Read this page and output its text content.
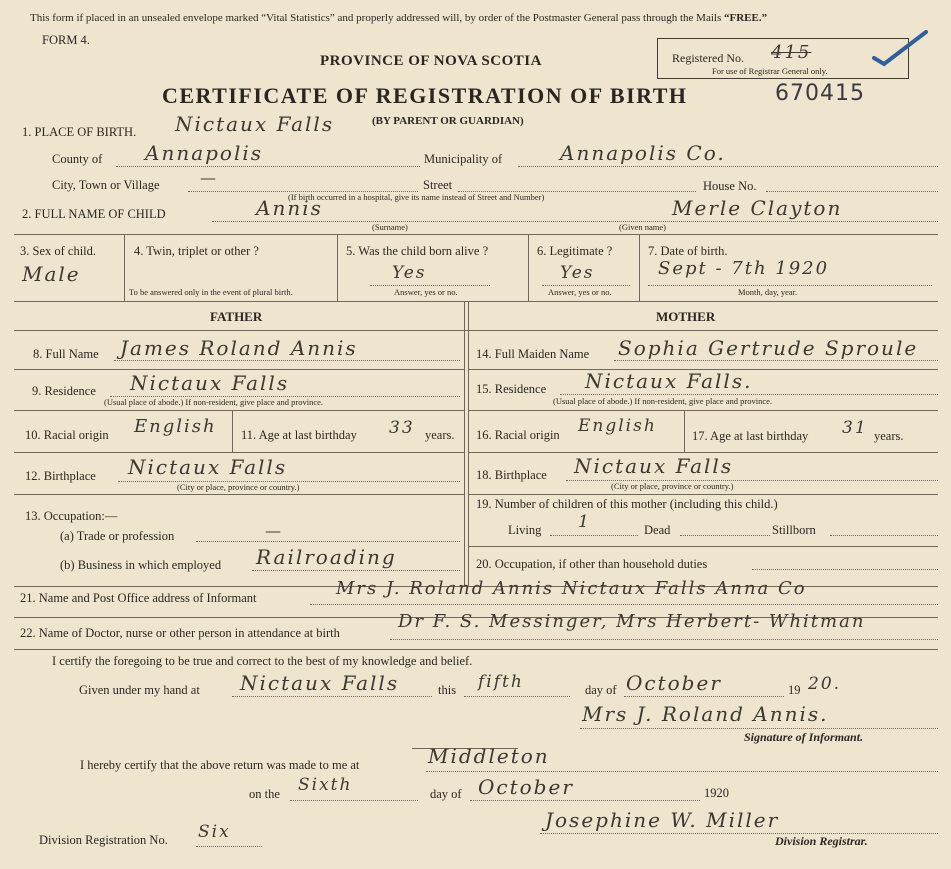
This form if placed in an unsealed envelope marked “Vital Statistics” and properly addressed will, by order of the Postmaster General pass through the Mails “FREE.”
FORM 4.
PROVINCE OF NOVA SCOTIA	Registered No. 415
For use of Registrar General only.
CERTIFICATE OF REGISTRATION OF BIRTH	670415
1. PLACE OF BIRTH. Nictaux Falls	(BY PARENT OR GUARDIAN)
County of Annapolis	Municipality of	Annapolis Co.
City, Town or Village	—	Street	House No.
(If birth occurred in a hospital, give its name instead of Street and Number)
2. FULL NAME OF CHILD	Annis
(Surname)
Merle Clayton
(Given name)
3. Sex of child.
Male
4. Twin, triplet or other ?
To be answered only in the event of plural birth.
5. Was the child born alive ?
Yes
Answer, yes or no.
6. Legitimate ?
Yes
Answer, yes or no.
7. Date of birth.
Sept - 7th 1920
Month, day, year.
FATHER	MOTHER
8. Full Name James Roland Annis
9. Residence Nictaux Falls
(Usual place of abode.) If non-resident, give place and province.
10. Racial origin English 11. Age at last birthday 33 years.
12. Birthplace Nictaux Falls
(City or place, province or country.)
13. Occupation:—
(a) Trade or profession	—
(b) Business in which employed Railroading
14. Full Maiden Name Sophia Gertrude Sproule
15. Residence Nictaux Falls.
(Usual place of abode.) If non-resident, give place and province.
16. Racial origin English	17. Age at last birthday 31 years.
18. Birthplace Nictaux Falls
(City or place, province or country.)
19. Number of children of this mother (including this child.)
Living 1	Dead	Stillborn
20. Occupation, if other than household duties
21. Name and Post Office address of Informant	Mrs J. Roland Annis Nictaux Falls Anna Co
22. Name of Doctor, nurse or other person in attendance at birth
Dr F. S. Messinger, Mrs Herbert- Whitman
I certify the foregoing to be true and correct to the best of my knowledge and belief.
Given under my hand at Nictaux Falls	this fifth	day of October	19 20.
Mrs J. Roland Annis.
Signature of Informant.
I hereby certify that the above return was made to me at	Middleton
on the Sixth	day of October	1920
Division Registration No. Six	Josephine W. Miller
Division Registrar.
